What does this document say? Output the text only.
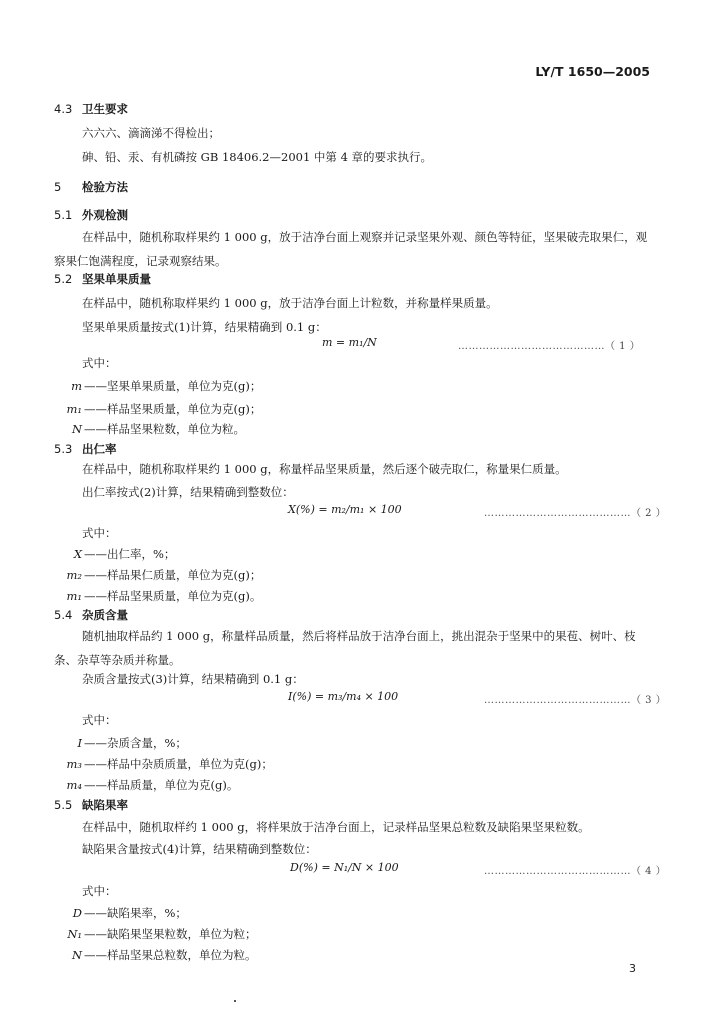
LY/T 1650—2005
4.3 卫生要求
六六六、滴滴涕不得检出；
砷、铅、汞、有机磷按 GB 18406.2—2001 中第 4 章的要求执行。
5 检验方法
5.1 外观检测
在样品中，随机称取样果约 1 000 g，放于洁净台面上观察并记录坚果外观、颜色等特征，坚果破壳取果仁，观察果仁饱满程度，记录观察结果。
5.2 坚果单果质量
在样品中，随机称取样果约 1 000 g，放于洁净台面上计粒数，并称量样果质量。
坚果单果质量按式(1)计算，结果精确到 0.1 g：
m = m₁/N	……………………………………（ 1 ）
式中：
m ——坚果单果质量，单位为克(g)；
m₁ ——样品坚果质量，单位为克(g)；
N ——样品坚果粒数，单位为粒。
5.3 出仁率
在样品中，随机称取样果约 1 000 g，称量样品坚果质量，然后逐个破壳取仁，称量果仁质量。
出仁率按式(2)计算，结果精确到整数位：
X(%) = m₂/m₁ × 100	……………………………………（ 2 ）
式中：
X ——出仁率，%；
m₂ ——样品果仁质量，单位为克(g)；
m₁ ——样品坚果质量，单位为克(g)。
5.4 杂质含量
随机抽取样品约 1 000 g，称量样品质量，然后将样品放于洁净台面上，挑出混杂于坚果中的果苞、树叶、枝条、杂草等杂质并称量。
杂质含量按式(3)计算，结果精确到 0.1 g：
I(%) = m₃/m₄ × 100	……………………………………（ 3 ）
式中：
I ——杂质含量，%；
m₃ ——样品中杂质质量，单位为克(g)；
m₄ ——样品质量，单位为克(g)。
5.5 缺陷果率
在样品中，随机取样约 1 000 g，将样果放于洁净台面上，记录样品坚果总粒数及缺陷果坚果粒数。
缺陷果含量按式(4)计算，结果精确到整数位：
D(%) = N₁/N × 100	……………………………………（ 4 ）
式中：
D ——缺陷果率，%；
N₁ ——缺陷果坚果粒数，单位为粒；
N ——样品坚果总粒数，单位为粒。
3
